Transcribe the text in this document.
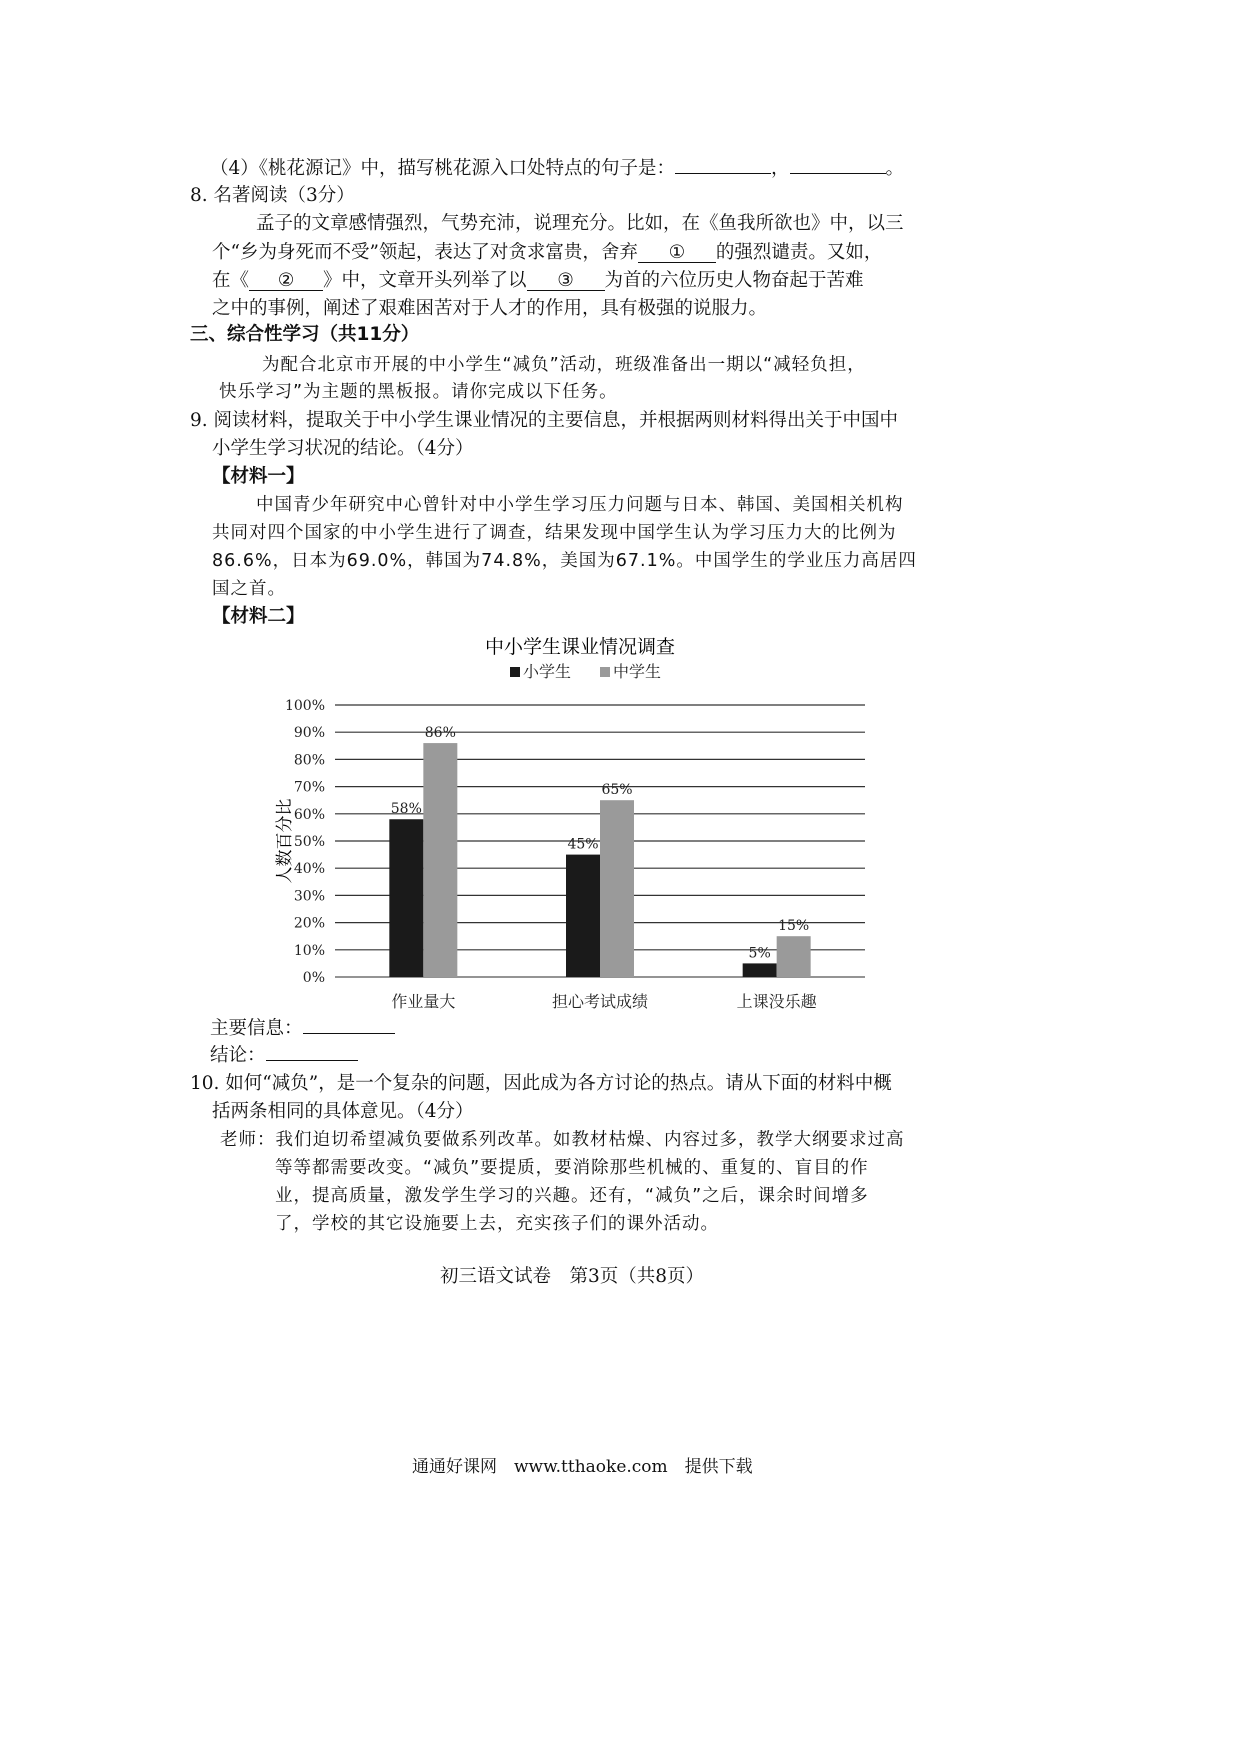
（4）《桃花源记》中，描写桃花源入口处特点的句子是：	，	。
8. 名著阅读（3分）
孟子的文章感情强烈，气势充沛，说理充分。比如，在《鱼我所欲也》中，以三
个“乡为身死而不受”领起，表达了对贪求富贵，舍弃 ① 的强烈谴责。又如，
在《 ② 》中，文章开头列举了以 ③ 为首的六位历史人物奋起于苦难
之中的事例，阐述了艰难困苦对于人才的作用，具有极强的说服力。
三、综合性学习（共11分）
为配合北京市开展的中小学生“减负”活动，班级准备出一期以“减轻负担，
快乐学习”为主题的黑板报。请你完成以下任务。
9. 阅读材料，提取关于中小学生课业情况的主要信息，并根据两则材料得出关于中国中
小学生学习状况的结论。（4分）
【材料一】
中国青少年研究中心曾针对中小学生学习压力问题与日本、韩国、美国相关机构
共同对四个国家的中小学生进行了调查，结果发现中国学生认为学习压力大的比例为
86.6%，日本为69.0%，韩国为74.8%，美国为67.1%。中国学生的学业压力高居四
国之首。
【材料二】
中小学生课业情况调查
小学生	中学生
0%
10%
20%
30%
40%
50%
60%
70%
80%
90%
100%
58%
86%
45%
65%
5%
15%
作业量大	担心考试成绩	上课没乐趣
人数百分比
主要信息：
结论：
10. 如何“减负”，是一个复杂的问题，因此成为各方讨论的热点。请从下面的材料中概
括两条相同的具体意见。（4分）
老师：我们迫切希望减负要做系列改革。如教材枯燥、内容过多，教学大纲要求过高
等等都需要改变。“减负”要提质，要消除那些机械的、重复的、盲目的作
业，提高质量，激发学生学习的兴趣。还有，“减负”之后，课余时间增多
了，学校的其它设施要上去，充实孩子们的课外活动。
初三语文试卷　第3页（共8页）
通通好课网　www.tthaoke.com　提供下载
